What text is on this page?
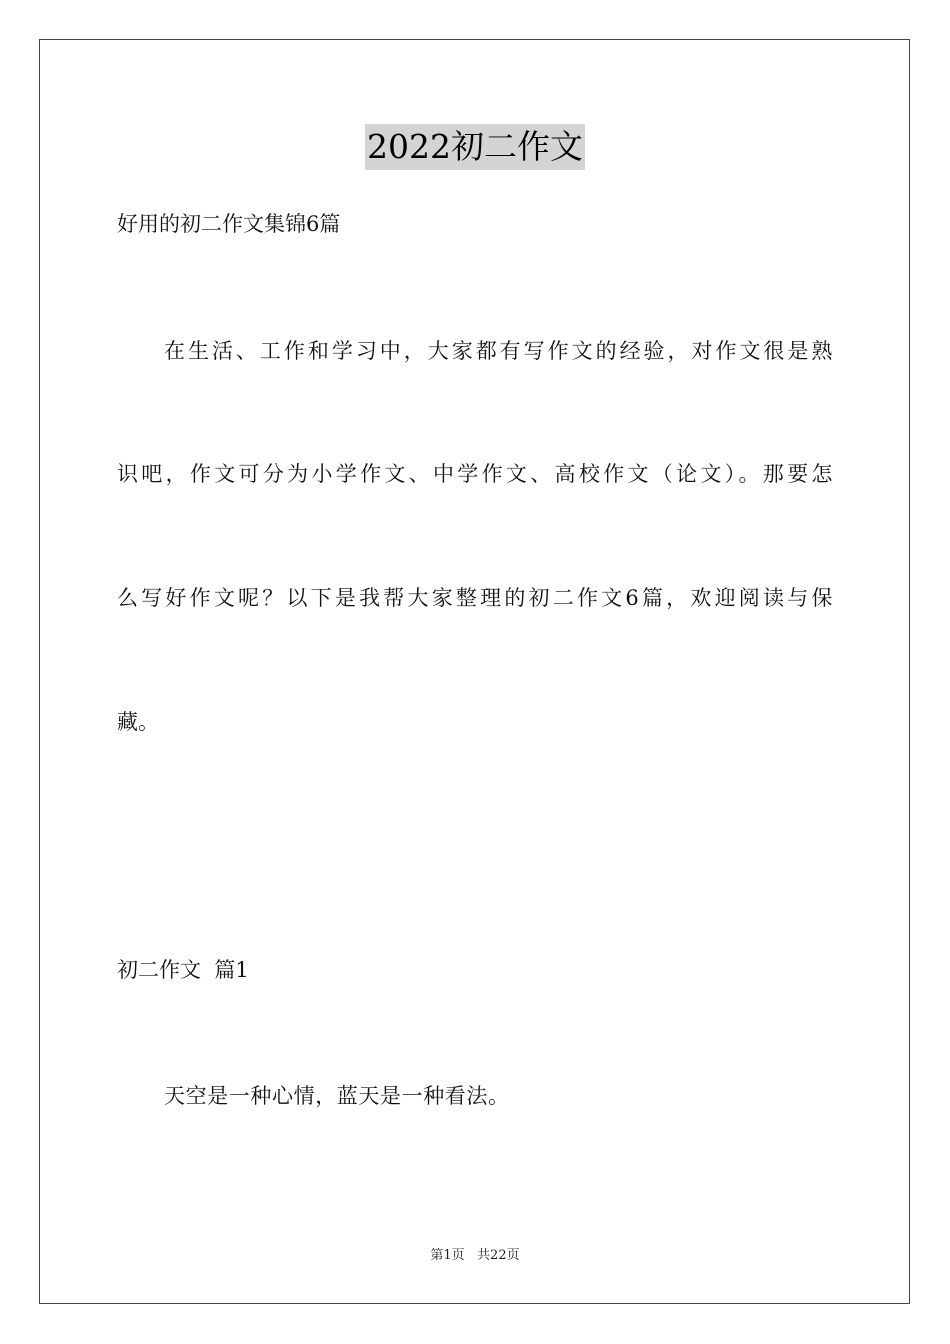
2022初二作文
好用的初二作文集锦6篇
在生活、工作和学习中，大家都有写作文的经验，对作文很是熟
识吧，作文可分为小学作文、中学作文、高校作文（论文）。那要怎
么写好作文呢？以下是我帮大家整理的初二作文6篇，欢迎阅读与保
藏。
初二作文  篇1
天空是一种心情，蓝天是一种看法。
第1页   共22页
